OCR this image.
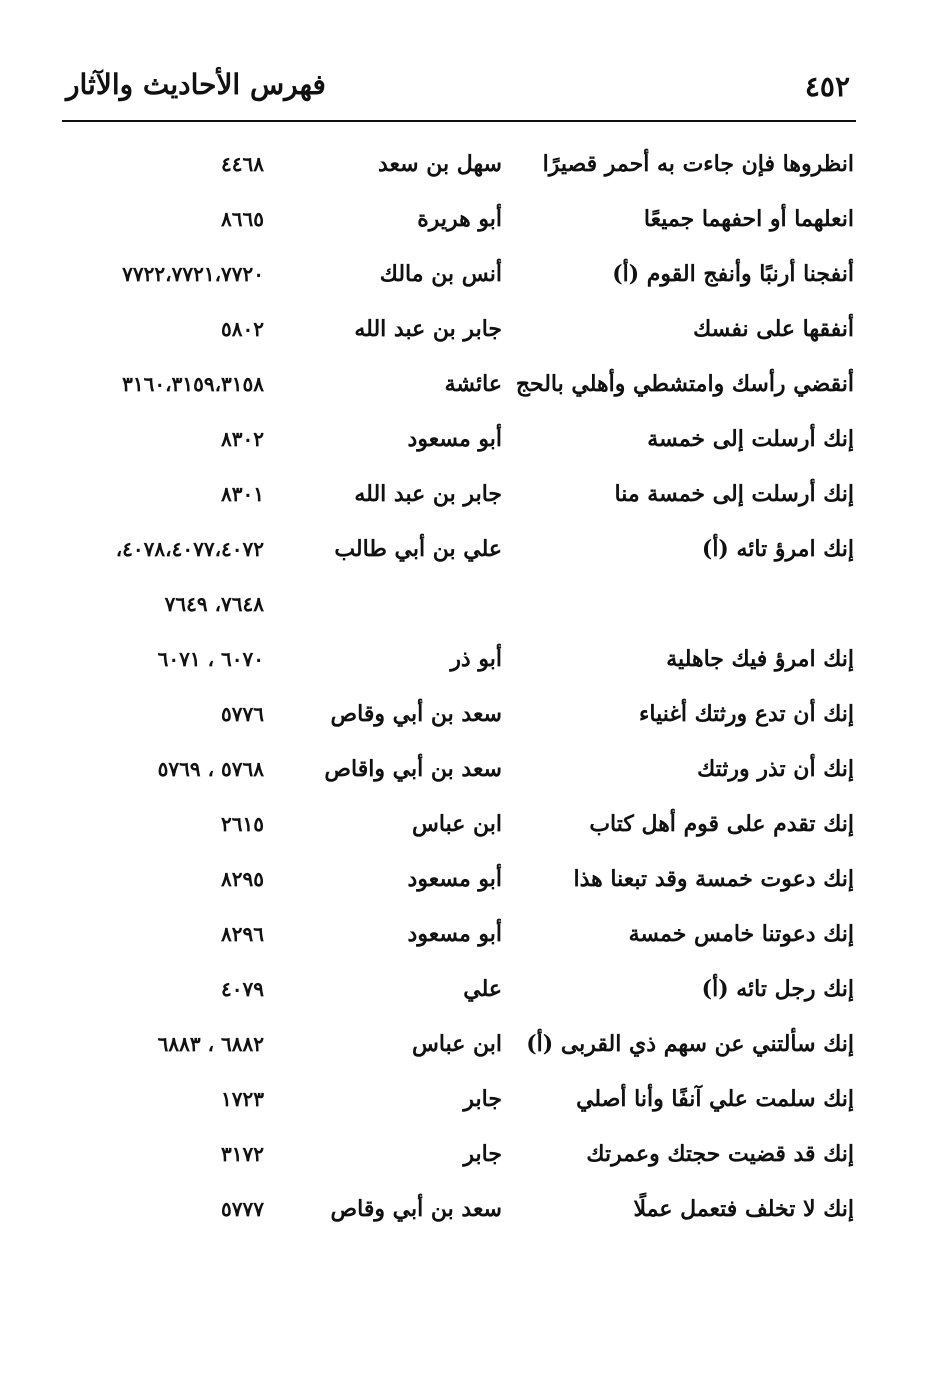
فهرس الأحاديث والآثار	٤٥٢
انظروها فإن جاءت به أحمر قصيرًا
سهل بن سعد
٤٤٦٨
انعلهما أو احفهما جميعًا
أبو هريرة
٨٦٦٥
أنفجنا أرنبًا وأنفج القوم (أ)
أنس بن مالك
٧٧٢٢،٧٧٢١،٧٧٢٠
أنفقها على نفسك
جابر بن عبد الله
٥٨٠٢
أنقضي رأسك وامتشطي وأهلي بالحج
عائشة
٣١٦٠،٣١٥٩،٣١٥٨
إنك أرسلت إلى خمسة
أبو مسعود
٨٣٠٢
إنك أرسلت إلى خمسة منا
جابر بن عبد الله
٨٣٠١
إنك امرؤ تائه (أ)
علي بن أبي طالب
٤٠٧٨،٤٠٧٧،٤٠٧٢،
٧٦٤٨، ٧٦٤٩
إنك امرؤ فيك جاهلية
أبو ذر
٦٠٧٠ ، ٦٠٧١
إنك أن تدع ورثتك أغنياء
سعد بن أبي وقاص
٥٧٧٦
إنك أن تذر ورثتك
سعد بن أبي واقاص
٥٧٦٨ ، ٥٧٦٩
إنك تقدم على قوم أهل كتاب
ابن عباس
٢٦١٥
إنك دعوت خمسة وقد تبعنا هذا
أبو مسعود
٨٢٩٥
إنك دعوتنا خامس خمسة
أبو مسعود
٨٢٩٦
إنك رجل تائه (أ)
علي
٤٠٧٩
إنك سألتني عن سهم ذي القربى (أ)
ابن عباس
٦٨٨٢ ، ٦٨٨٣
إنك سلمت علي آنفًا وأنا أصلي
جابر
١٧٢٣
إنك قد قضيت حجتك وعمرتك
جابر
٣١٧٢
إنك لا تخلف فتعمل عملًا
سعد بن أبي وقاص
٥٧٧٧
